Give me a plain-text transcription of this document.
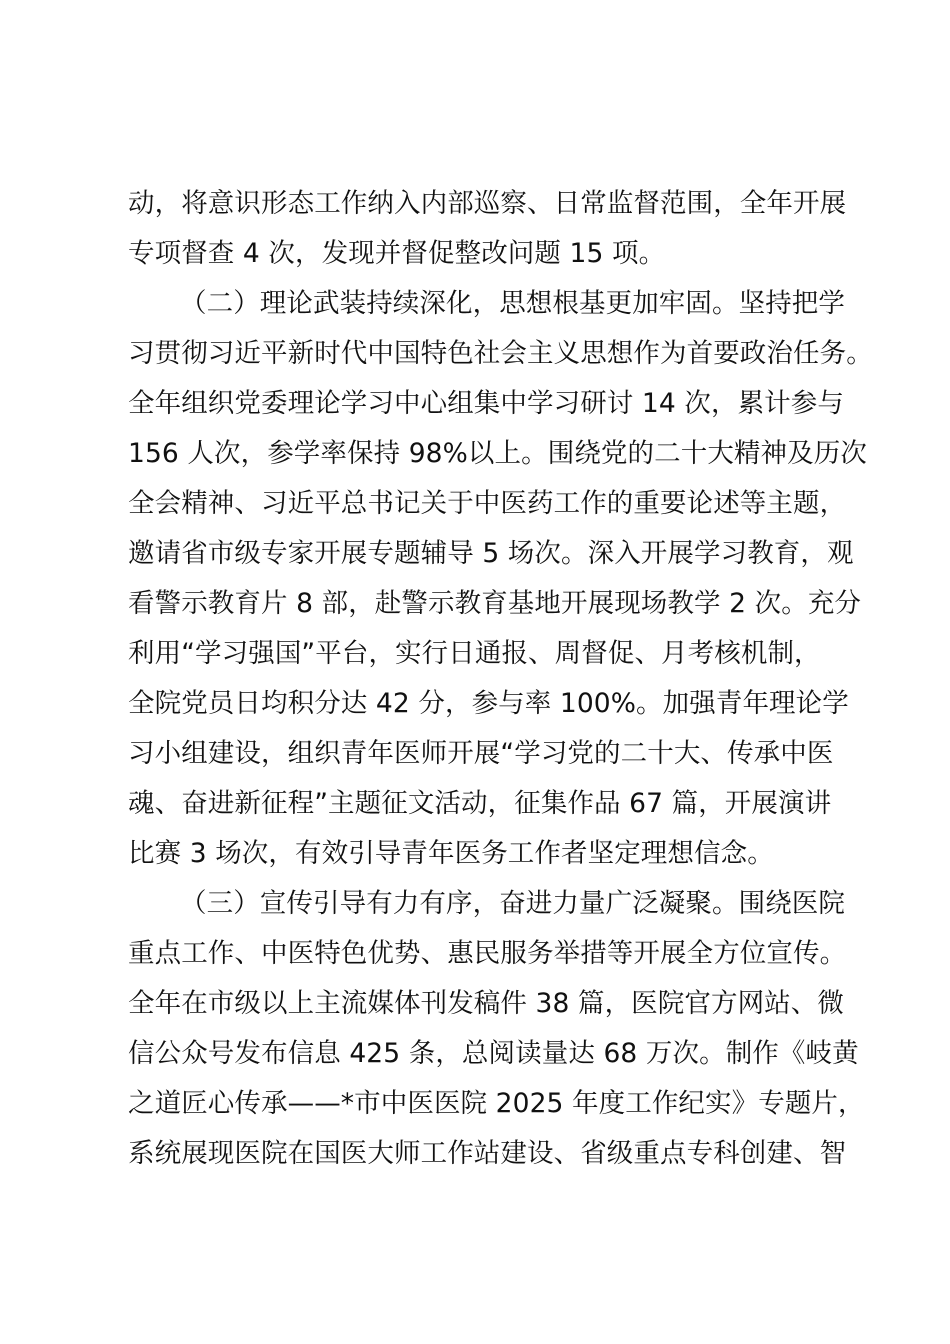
动，将意识形态工作纳入内部巡察、日常监督范围，全年开展
专项督查 4 次，发现并督促整改问题 15 项。
（二）理论武装持续深化，思想根基更加牢固。坚持把学
习贯彻习近平新时代中国特色社会主义思想作为首要政治任务。
全年组织党委理论学习中心组集中学习研讨 14 次，累计参与
156 人次，参学率保持 98%以上。围绕党的二十大精神及历次
全会精神、习近平总书记关于中医药工作的重要论述等主题，
邀请省市级专家开展专题辅导 5 场次。深入开展学习教育，观
看警示教育片 8 部，赴警示教育基地开展现场教学 2 次。充分
利用“学习强国”平台，实行日通报、周督促、月考核机制，
全院党员日均积分达 42 分，参与率 100%。加强青年理论学
习小组建设，组织青年医师开展“学习党的二十大、传承中医
魂、奋进新征程”主题征文活动，征集作品 67 篇，开展演讲
比赛 3 场次，有效引导青年医务工作者坚定理想信念。
（三）宣传引导有力有序，奋进力量广泛凝聚。围绕医院
重点工作、中医特色优势、惠民服务举措等开展全方位宣传。
全年在市级以上主流媒体刊发稿件 38 篇，医院官方网站、微
信公众号发布信息 425 条，总阅读量达 68 万次。制作《岐黄
之道匠心传承——*市中医医院 2025 年度工作纪实》专题片，
系统展现医院在国医大师工作站建设、省级重点专科创建、智
